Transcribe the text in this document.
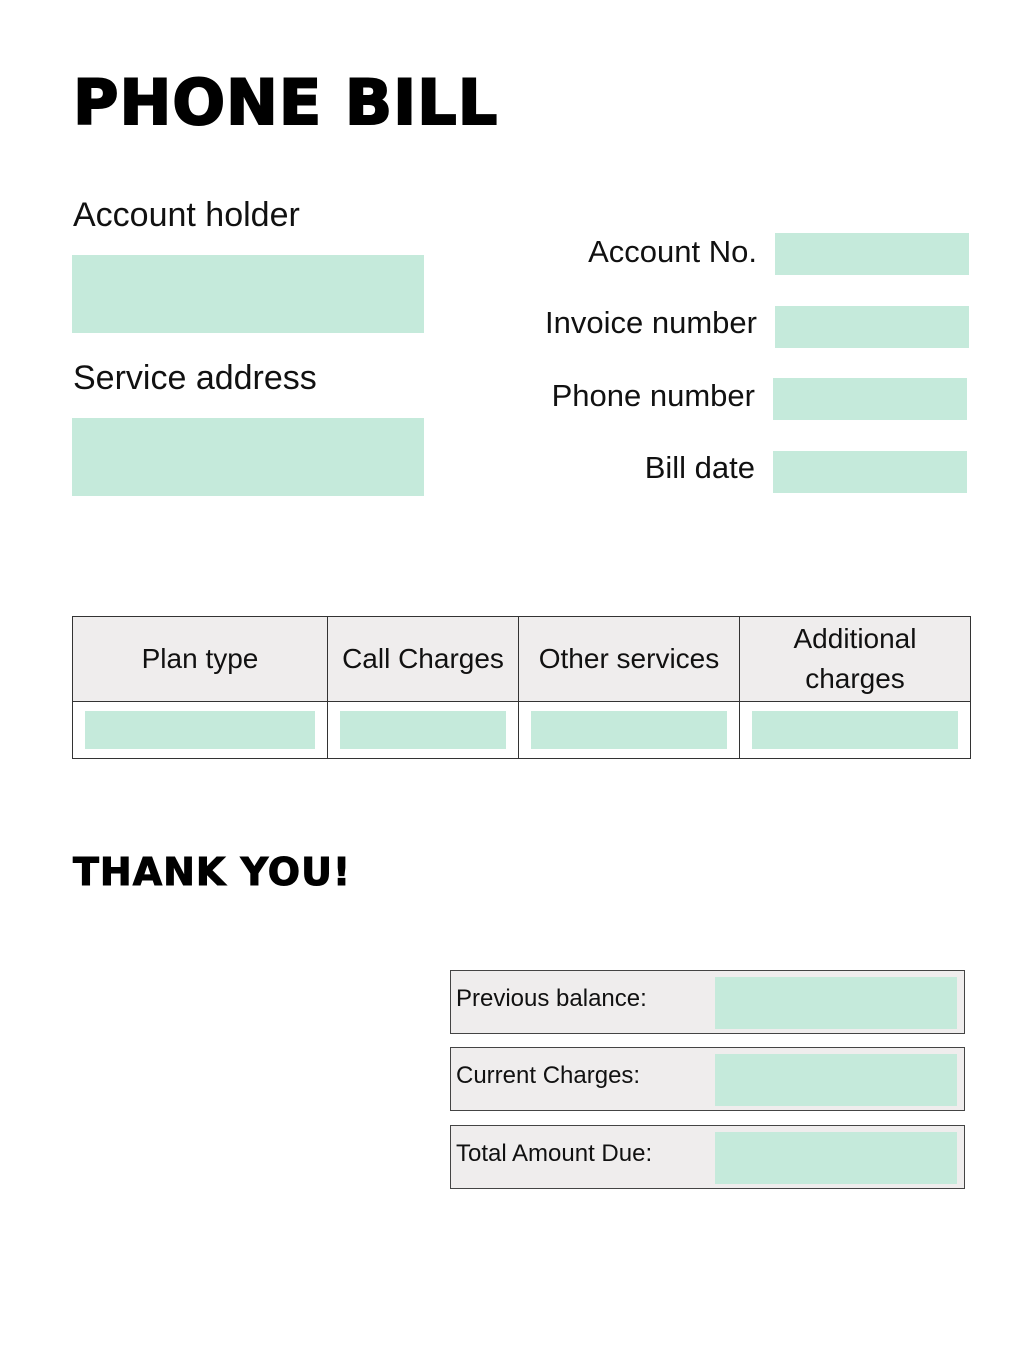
PHONE BILL
Account holder
Service address
Account No.
Invoice number
Phone number
Bill date
Plan type	Call Charges	Other services	Additional charges

THANK YOU!
Previous balance:
Current Charges:
Total Amount Due:
